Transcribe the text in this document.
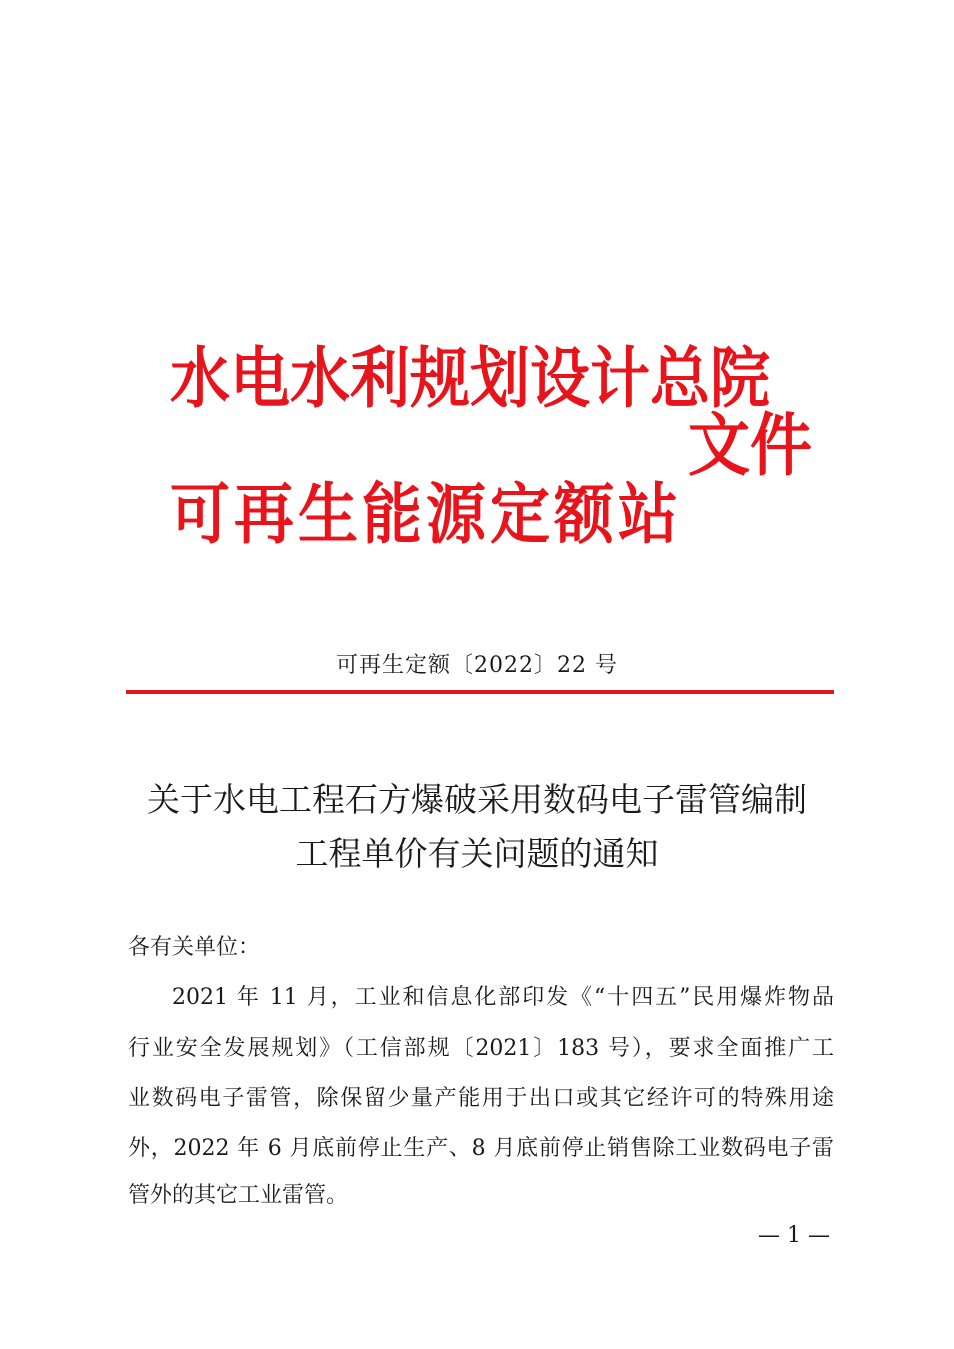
水电水利规划设计总院
可再生能源定额站
文件
可再生定额〔2022〕22 号
关于水电工程石方爆破采用数码电子雷管编制
工程单价有关问题的通知
各有关单位：
2021 年 11 月，工业和信息化部印发《“十四五”民用爆炸物品
行业安全发展规划》（工信部规〔2021〕183 号），要求全面推广工
业数码电子雷管，除保留少量产能用于出口或其它经许可的特殊用途
外，2022 年 6 月底前停止生产、8 月底前停止销售除工业数码电子雷
管外的其它工业雷管。
— 1 —
